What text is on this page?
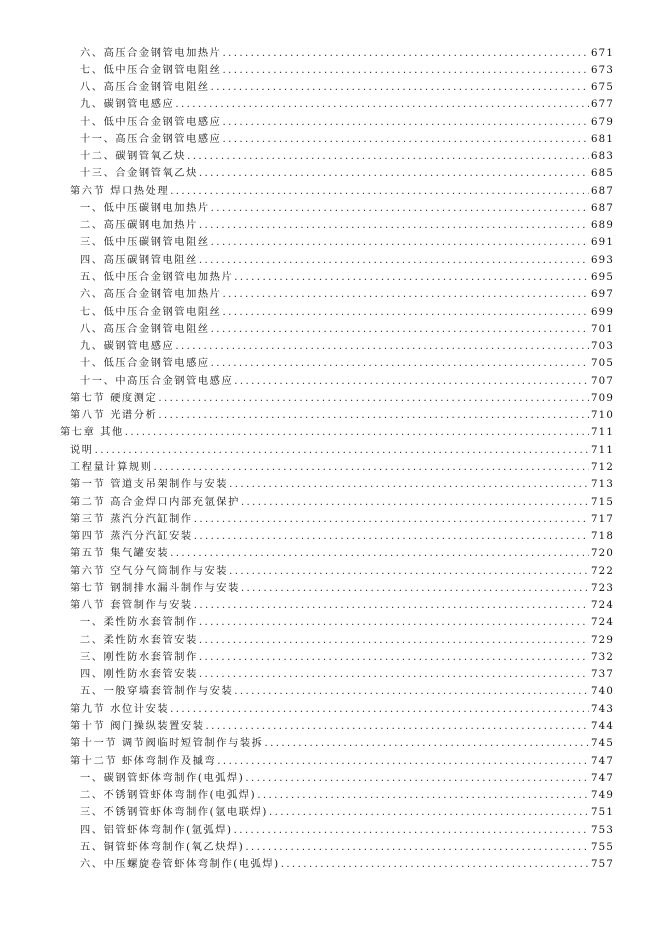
六、高压合金钢管电加热片 .....	671
七、低中压合金钢管电阻丝 .....	673
八、高压合金钢管电阻丝 .....	675
九、碳钢管电感应 .....	677
十、低中压合金钢管电感应 .....	679
十一、高压合金钢管电感应 .....	681
十二、碳钢管氧乙炔 .....	683
十三、合金钢管氧乙炔 .....	685
第六节 焊口热处理 .....	687
一、低中压碳钢电加热片 .....	687
二、高压碳钢电加热片 .....	689
三、低中压碳钢管电阻丝 .....	691
四、高压碳钢管电阻丝 .....	693
五、低中压合金钢管电加热片 .....	695
六、高压合金钢管电加热片 .....	697
七、低中压合金钢管电阻丝 .....	699
八、高压合金钢管电阻丝 .....	701
九、碳钢管电感应 .....	703
十、低压合金钢管电感应 .....	705
十一、中高压合金钢管电感应 .....	707
第七节 硬度测定 .....	709
第八节 光谱分析 .....	710
第七章 其他 .....	711
说明 .....	711
工程量计算规则 .....	712
第一节 管道支吊架制作与安装 .....	713
第二节 高合金焊口内部充氩保护 .....	715
第三节 蒸汽分汽缸制作 .....	717
第四节 蒸汽分汽缸安装 .....	718
第五节 集气罐安装 .....	720
第六节 空气分气筒制作与安装 .....	722
第七节 钢制排水漏斗制作与安装 .....	723
第八节 套管制作与安装 .....	724
一、柔性防水套管制作 .....	724
二、柔性防水套管安装 .....	729
三、刚性防水套管制作 .....	732
四、刚性防水套管安装 .....	737
五、一般穿墙套管制作与安装 .....	740
第九节 水位计安装 .....	743
第十节 阀门操纵装置安装 .....	744
第十一节 调节阀临时短管制作与装拆 .....	745
第十二节 虾体弯制作及摵弯 .....	747
一、碳钢管虾体弯制作(电弧焊) .....	747
二、不锈钢管虾体弯制作(电弧焊) .....	749
三、不锈钢管虾体弯制作(氩电联焊) .....	751
四、铝管虾体弯制作(氩弧焊) .....	753
五、铜管虾体弯制作(氧乙炔焊) .....	755
六、中压螺旋卷管虾体弯制作(电弧焊) .....	757
